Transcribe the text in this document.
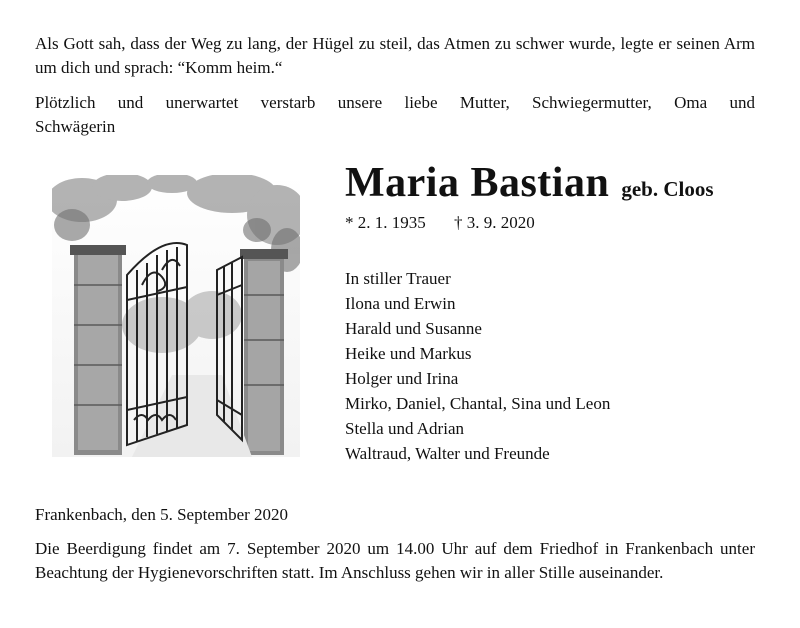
Als Gott sah, dass der Weg zu lang, der Hügel zu steil, das Atmen zu schwer wurde, legte er seinen Arm um dich und sprach: “Komm heim.“

Plötzlich und unerwartet verstarb unsere liebe Mutter, Schwiegermutter, Oma und
Schwägerin

Maria Bastian geb. Cloos
* 2. 1. 1935 † 3. 9. 2020
In stiller Trauer
Ilona und Erwin
Harald und Susanne
Heike und Markus
Holger und Irina
Mirko, Daniel, Chantal, Sina und Leon
Stella und Adrian
Waltraud, Walter und Freunde
Frankenbach, den 5. September 2020

Die Beerdigung findet am 7. September 2020 um 14.00 Uhr auf dem Friedhof in Frankenbach unter Beachtung der Hygienevorschriften statt. Im Anschluss gehen wir in aller Stille auseinander.
